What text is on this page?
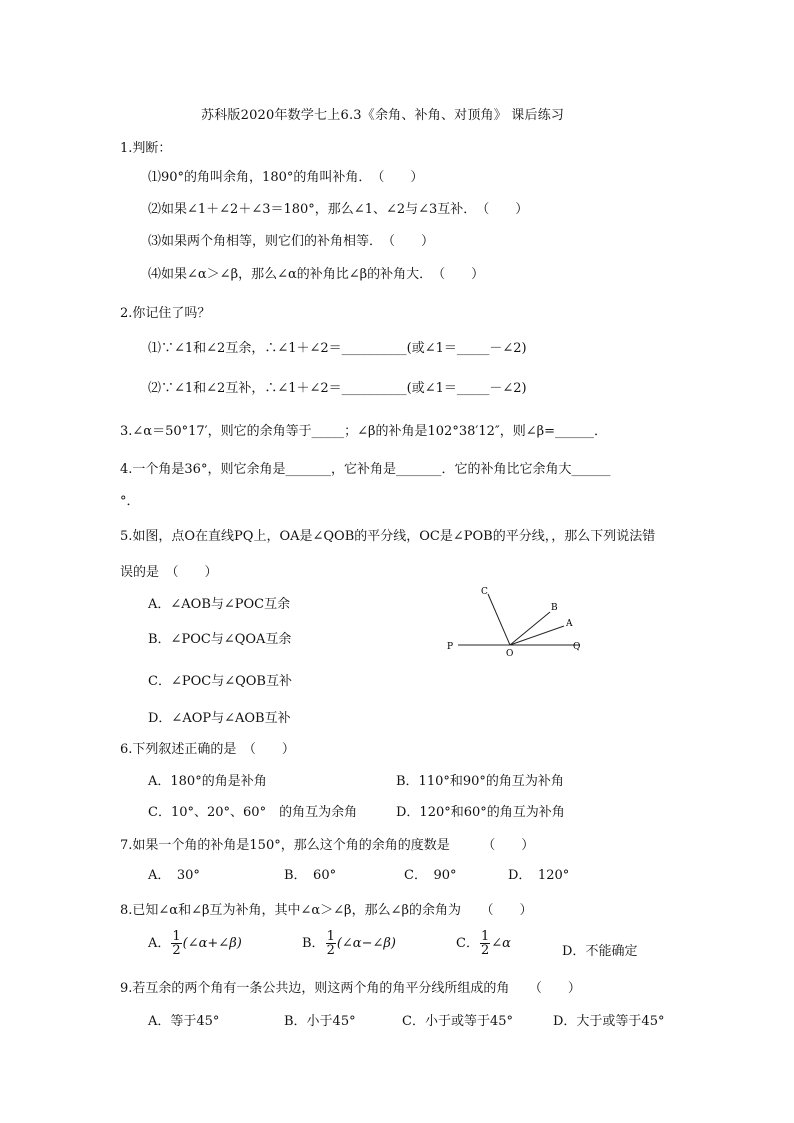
苏科版2020年数学七上6.3《余角、补角、对顶角》 课后练习
1.判断：
⑴90°的角叫余角，180°的角叫补角．　（　　）
⑵如果∠1＋∠2＋∠3＝180°，那么∠1、∠2与∠3互补．　（　　）
⑶如果两个角相等，则它们的补角相等．　（　　）
⑷如果∠α＞∠β，那么∠α的补角比∠β的补角大．　（　　）
2.你记住了吗？
⑴∵∠1和∠2互余，∴∠1＋∠2＝__________(或∠1＝_____－∠2)
⑵∵∠1和∠2互补，∴∠1＋∠2＝__________(或∠1＝_____－∠2)
3.∠α＝50°17′，则它的余角等于_____；∠β的补角是102°38′12″，则∠β=______．
4.一个角是36°，则它余角是_______，它补角是_______．它的补角比它余角大______
°．
5.如图，点O在直线PQ上，OA是∠QOB的平分线，OC是∠POB的平分线，，那么下列说法错
误的是　（　　）
A．∠AOB与∠POC互余
B．∠POC与∠QOA互余
C．∠POC与∠QOB互补
D．∠AOP与∠AOB互补
P
O
Q
C
B
A
6.下列叙述正确的是　（　　）
A．180°的角是补角	B．110°和90°的角互为补角
C．10°、20°、60°　的角互为余角	D．120°和60°的角互为补角
7.如果一个角的补角是150°，那么这个角的余角的度数是　　　（　　）
A．　30°	B．　60°	C．　90°	D．　120°
8.已知∠α和∠β互为补角，其中∠α＞∠β，那么∠β的余角为　　（　　）
A． $\frac{1}{2}$ (∠α+∠β)	B． $\frac{1}{2}$ (∠α−∠β)	C． $\frac{1}{2}$ ∠α
D．不能确定
9.若互余的两个角有一条公共边，则这两个角的角平分线所组成的角　　（　　）
A．等于45°	B．小于45°	C．小于或等于45°	D．大于或等于45°
